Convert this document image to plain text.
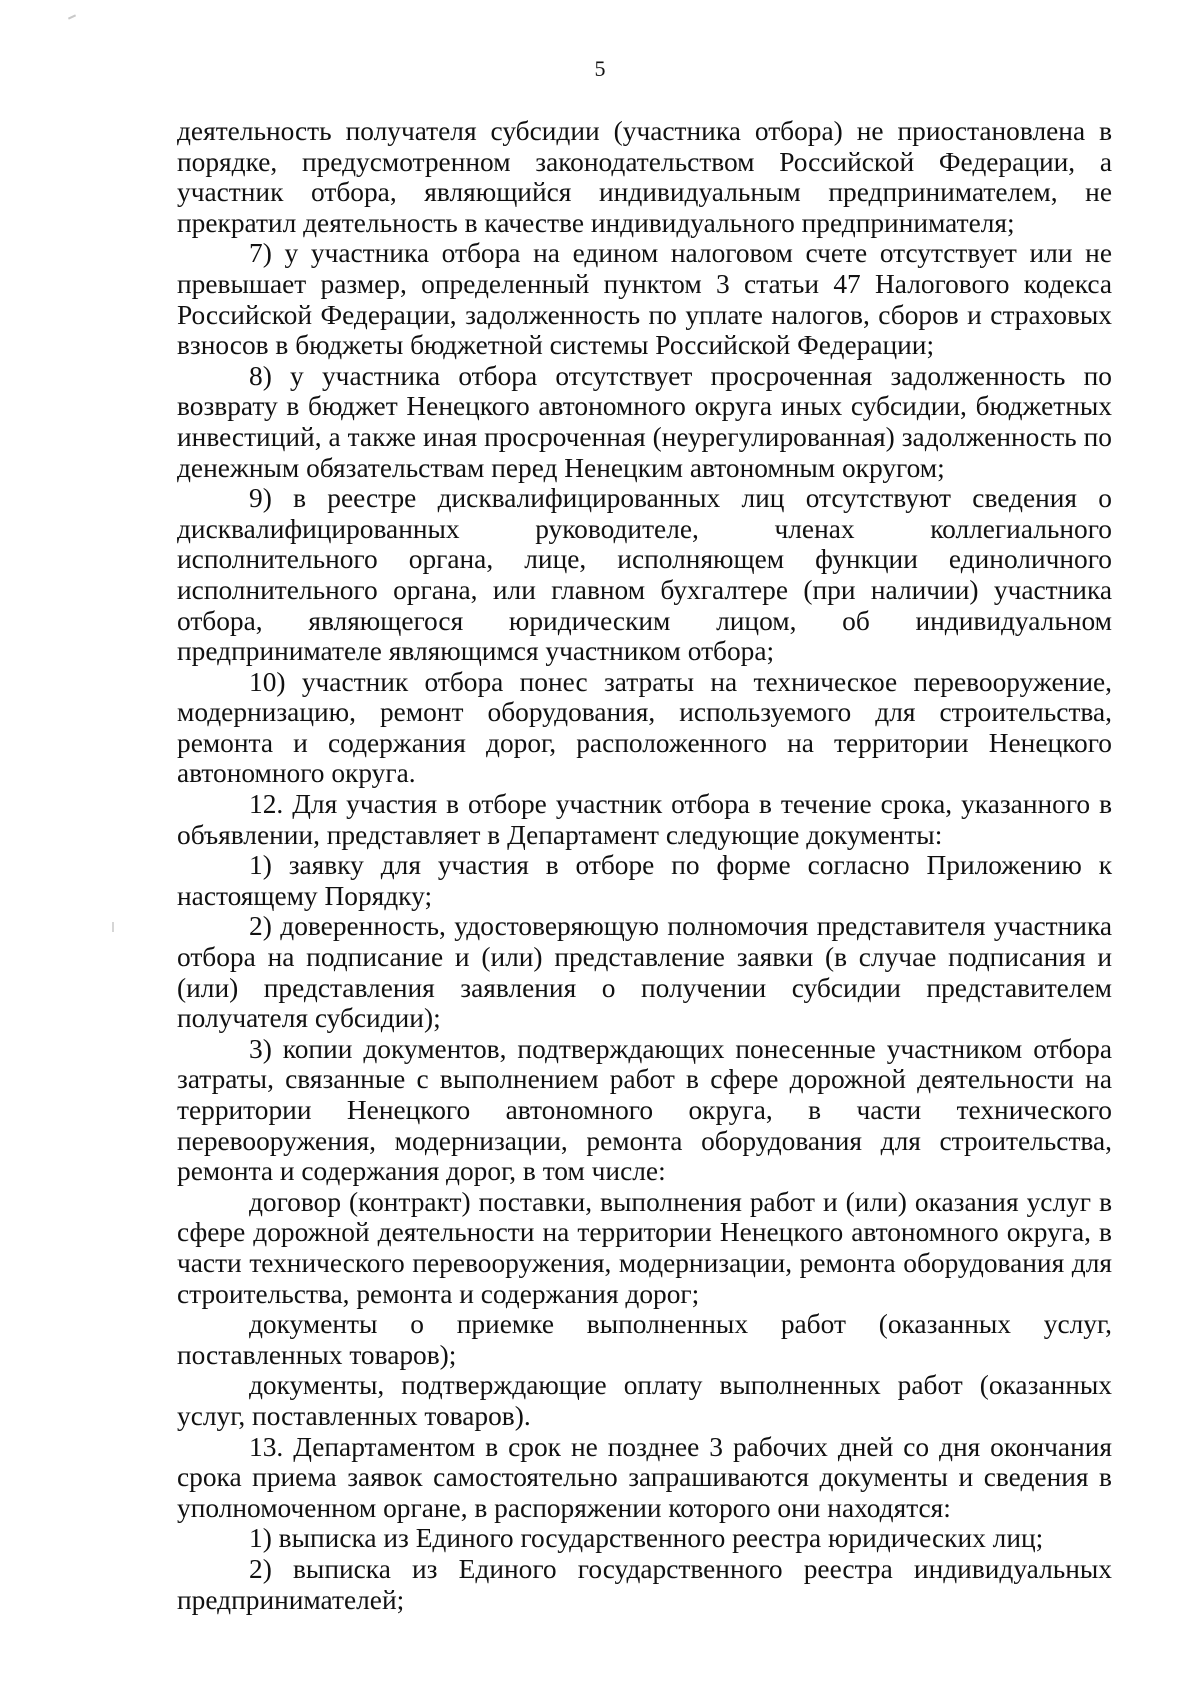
5

деятельность получателя субсидии (участника отбора) не приостановлена в порядке, предусмотренном законодательством Российской Федерации, а участник отбора, являющийся индивидуальным предпринимателем, не прекратил деятельность в качестве индивидуального предпринимателя;

7) у участника отбора на едином налоговом счете отсутствует или не превышает размер, определенный пунктом 3 статьи 47 Налогового кодекса Российской Федерации, задолженность по уплате налогов, сборов и страховых взносов в бюджеты бюджетной системы Российской Федерации;

8) у участника отбора отсутствует просроченная задолженность по возврату в бюджет Ненецкого автономного округа иных субсидии, бюджетных инвестиций, а также иная просроченная (неурегулированная) задолженность по денежным обязательствам перед Ненецким автономным округом;

9) в реестре дисквалифицированных лиц отсутствуют сведения о дисквалифицированных руководителе, членах коллегиального исполнительного органа, лице, исполняющем функции единоличного исполнительного органа, или главном бухгалтере (при наличии) участника отбора, являющегося юридическим лицом, об индивидуальном предпринимателе являющимся участником отбора;

10) участник отбора понес затраты на техническое перевооружение, модернизацию, ремонт оборудования, используемого для строительства, ремонта и содержания дорог, расположенного на территории Ненецкого автономного округа.

12. Для участия в отборе участник отбора в течение срока, указанного в объявлении, представляет в Департамент следующие документы:

1) заявку для участия в отборе по форме согласно Приложению к настоящему Порядку;

2) доверенность, удостоверяющую полномочия представителя участника отбора на подписание и (или) представление заявки (в случае подписания и (или) представления заявления о получении субсидии представителем получателя субсидии);

3) копии документов, подтверждающих понесенные участником отбора затраты, связанные с выполнением работ в сфере дорожной деятельности на территории Ненецкого автономного округа, в части технического перевооружения, модернизации, ремонта оборудования для строительства, ремонта и содержания дорог, в том числе:

договор (контракт) поставки, выполнения работ и (или) оказания услуг в сфере дорожной деятельности на территории Ненецкого автономного округа, в части технического перевооружения, модернизации, ремонта оборудования для строительства, ремонта и содержания дорог;

документы о приемке выполненных работ (оказанных услуг, поставленных товаров);

документы, подтверждающие оплату выполненных работ (оказанных услуг, поставленных товаров).

13. Департаментом в срок не позднее 3 рабочих дней со дня окончания срока приема заявок самостоятельно запрашиваются документы и сведения в уполномоченном органе, в распоряжении которого они находятся:

1) выписка из Единого государственного реестра юридических лиц;

2) выписка из Единого государственного реестра индивидуальных предпринимателей;
